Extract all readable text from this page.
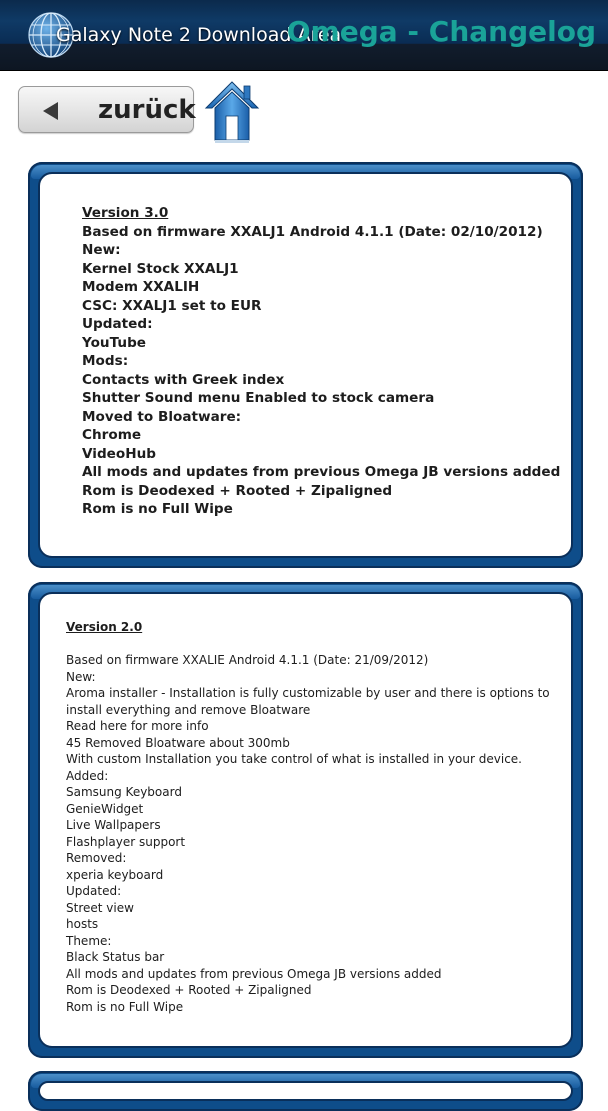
Galaxy Note 2 Download Area
Omega - Changelog
zurück
Version 3.0
Based on firmware XXALJ1 Android 4.1.1 (Date: 02/10/2012)
New:
Kernel Stock XXALJ1
Modem XXALIH
CSC: XXALJ1 set to EUR
Updated:
YouTube
Mods:
Contacts with Greek index
Shutter Sound menu Enabled to stock camera
Moved to Bloatware:
Chrome
VideoHub
All mods and updates from previous Omega JB versions added
Rom is Deodexed + Rooted + Zipaligned
Rom is no Full Wipe
Version 2.0
Based on firmware XXALIE Android 4.1.1 (Date: 21/09/2012)
New:
Aroma installer - Installation is fully customizable by user and there is options to
install everything and remove Bloatware
Read here for more info
45 Removed Bloatware about 300mb
With custom Installation you take control of what is installed in your device.
Added:
Samsung Keyboard
GenieWidget
Live Wallpapers
Flashplayer support
Removed:
xperia keyboard
Updated:
Street view
hosts
Theme:
Black Status bar
All mods and updates from previous Omega JB versions added
Rom is Deodexed + Rooted + Zipaligned
Rom is no Full Wipe
